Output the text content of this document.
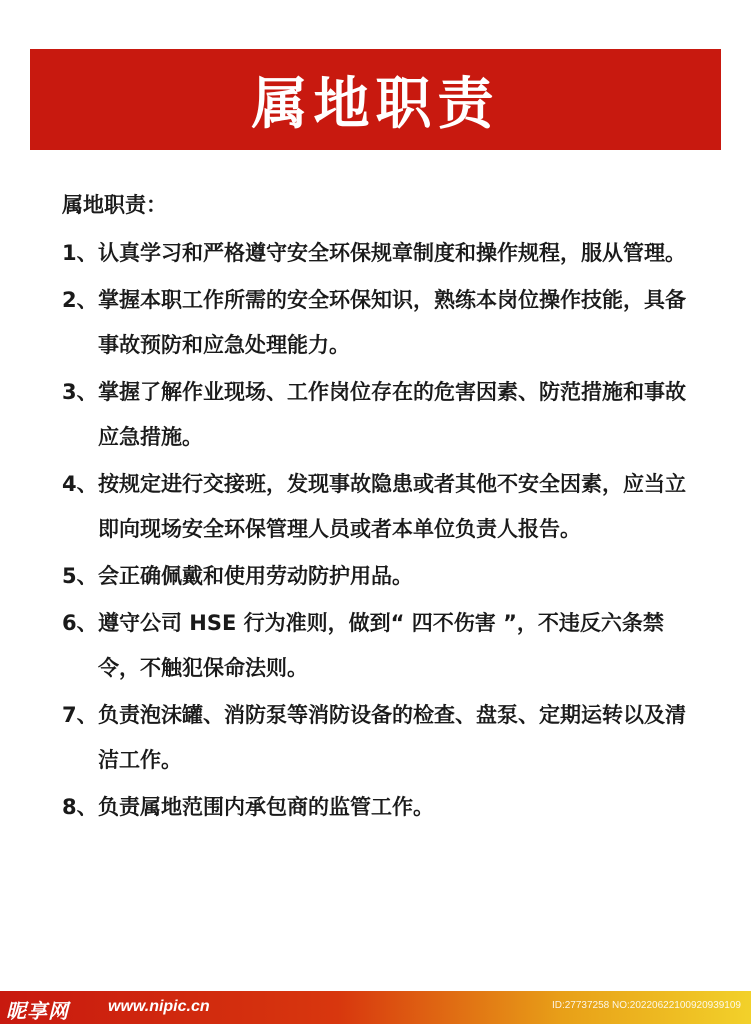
属地职责
属地职责：
1、 认真学习和严格遵守安全环保规章制度和操作规程，服从管理。
2、 掌握本职工作所需的安全环保知识，熟练本岗位操作技能，具备事故预防和应急处理能力。
3、 掌握了解作业现场、工作岗位存在的危害因素、防范措施和事故应急措施。
4、 按规定进行交接班，发现事故隐患或者其他不安全因素，应当立即向现场安全环保管理人员或者本单位负责人报告。
5、 会正确佩戴和使用劳动防护用品。
6、 遵守公司 HSE 行为准则，做到“ 四不伤害 ”，不违反六条禁令，不触犯保命法则。
7、 负责泡沫罐、消防泵等消防设备的检查、盘泵、定期运转以及清洁工作。
8、 负责属地范围内承包商的监管工作。
昵享网 www.nipic.cn	ID:27737258 NO:20220622100920939109
